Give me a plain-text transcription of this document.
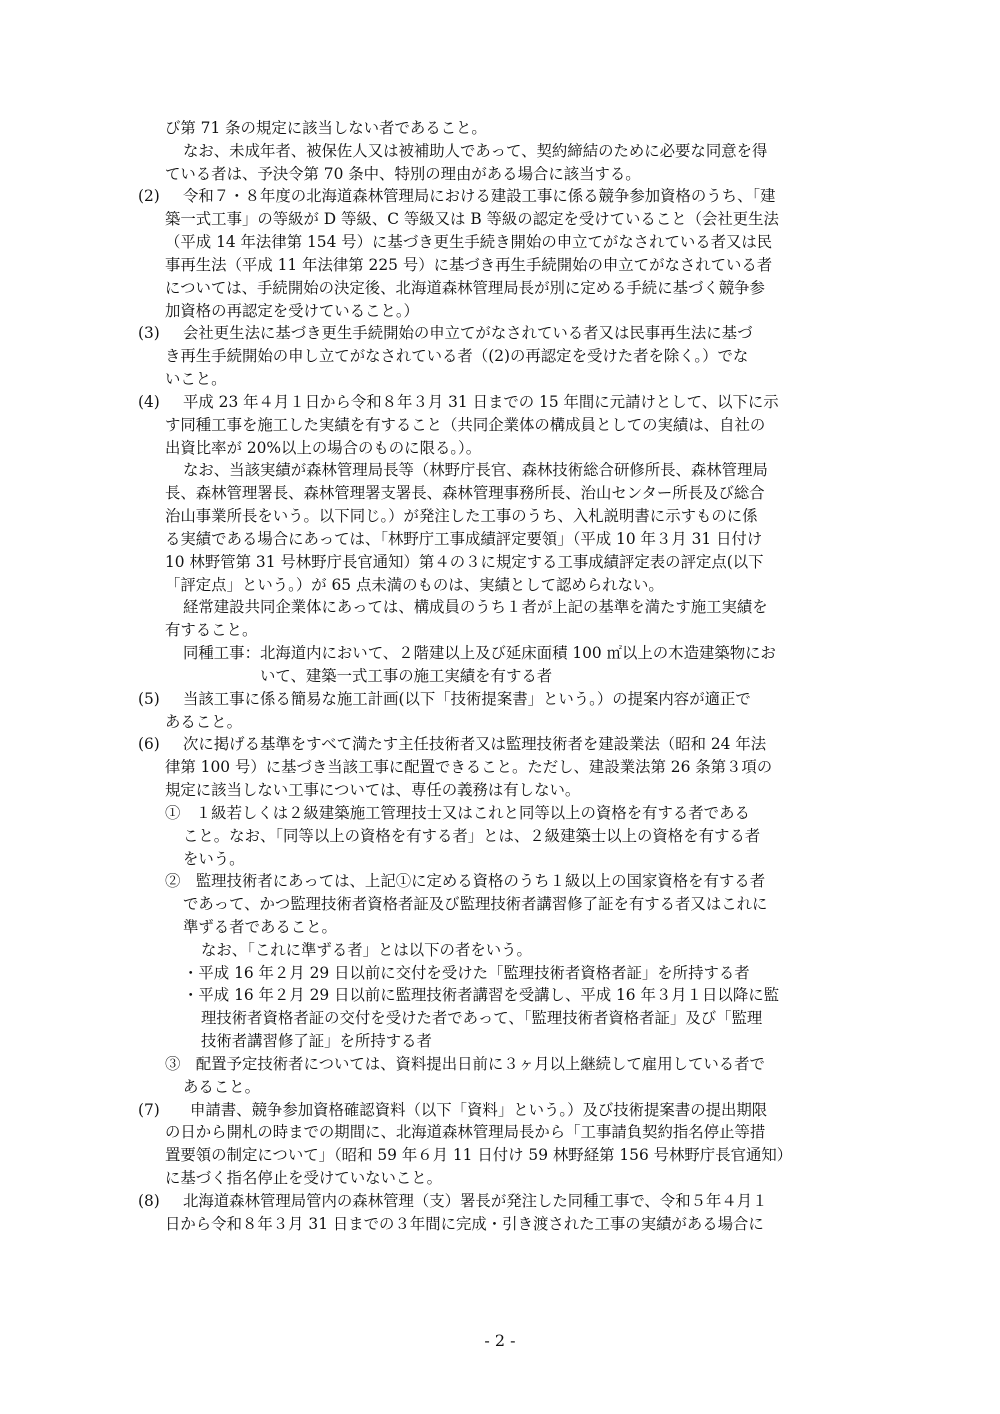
び第 71 条の規定に該当しない者であること。
なお、未成年者、被保佐人又は被補助人であって、契約締結のために必要な同意を得
ている者は、予決令第 70 条中、特別の理由がある場合に該当する。
(2) 令和７・８年度の北海道森林管理局における建設工事に係る競争参加資格のうち、「建
築一式工事」の等級が D 等級、C 等級又は B 等級の認定を受けていること（会社更生法
（平成 14 年法律第 154 号）に基づき更生手続き開始の申立てがなされている者又は民
事再生法（平成 11 年法律第 225 号）に基づき再生手続開始の申立てがなされている者
については、手続開始の決定後、北海道森林管理局長が別に定める手続に基づく競争参
加資格の再認定を受けていること。）
(3) 会社更生法に基づき更生手続開始の申立てがなされている者又は民事再生法に基づ
き再生手続開始の申し立てがなされている者（(2)の再認定を受けた者を除く。）でな
いこと。
(4) 平成 23 年４月１日から令和８年３月 31 日までの 15 年間に元請けとして、以下に示
す同種工事を施工した実績を有すること（共同企業体の構成員としての実績は、自社の
出資比率が 20%以上の場合のものに限る。）。
なお、当該実績が森林管理局長等（林野庁長官、森林技術総合研修所長、森林管理局
長、森林管理署長、森林管理署支署長、森林管理事務所長、治山センター所長及び総合
治山事業所長をいう。以下同じ。）が発注した工事のうち、入札説明書に示すものに係
る実績である場合にあっては、「林野庁工事成績評定要領」（平成 10 年３月 31 日付け
10 林野管第 31 号林野庁長官通知）第４の３に規定する工事成績評定表の評定点(以下
「評定点」という。）が 65 点未満のものは、実績として認められない。
経常建設共同企業体にあっては、構成員のうち１者が上記の基準を満たす施工実績を
有すること。
同種工事：北海道内において、２階建以上及び延床面積 100 ㎡以上の木造建築物にお
いて、建築一式工事の施工実績を有する者
(5) 当該工事に係る簡易な施工計画(以下「技術提案書」という。）の提案内容が適正で
あること。
(6) 次に掲げる基準をすべて満たす主任技術者又は監理技術者を建設業法（昭和 24 年法
律第 100 号）に基づき当該工事に配置できること。ただし、建設業法第 26 条第３項の
規定に該当しない工事については、専任の義務は有しない。
①　１級若しくは２級建築施工管理技士又はこれと同等以上の資格を有する者である
こと。なお、「同等以上の資格を有する者」とは、２級建築士以上の資格を有する者
をいう。
②　監理技術者にあっては、上記①に定める資格のうち１級以上の国家資格を有する者
であって、かつ監理技術者資格者証及び監理技術者講習修了証を有する者又はこれに
準ずる者であること。
なお、「これに準ずる者」とは以下の者をいう。
・平成 16 年２月 29 日以前に交付を受けた「監理技術者資格者証」を所持する者
・平成 16 年２月 29 日以前に監理技術者講習を受講し、平成 16 年３月１日以降に監
理技術者資格者証の交付を受けた者であって、「監理技術者資格者証」及び「監理
技術者講習修了証」を所持する者
③　配置予定技術者については、資料提出日前に３ヶ月以上継続して雇用している者で
あること。
(7) 申請書、競争参加資格確認資料（以下「資料」という。）及び技術提案書の提出期限
の日から開札の時までの期間に、北海道森林管理局長から「工事請負契約指名停止等措
置要領の制定について」（昭和 59 年６月 11 日付け 59 林野経第 156 号林野庁長官通知）
に基づく指名停止を受けていないこと。
(8) 北海道森林管理局管内の森林管理（支）署長が発注した同種工事で、令和５年４月１
日から令和８年３月 31 日までの３年間に完成・引き渡された工事の実績がある場合に
- 2 -
